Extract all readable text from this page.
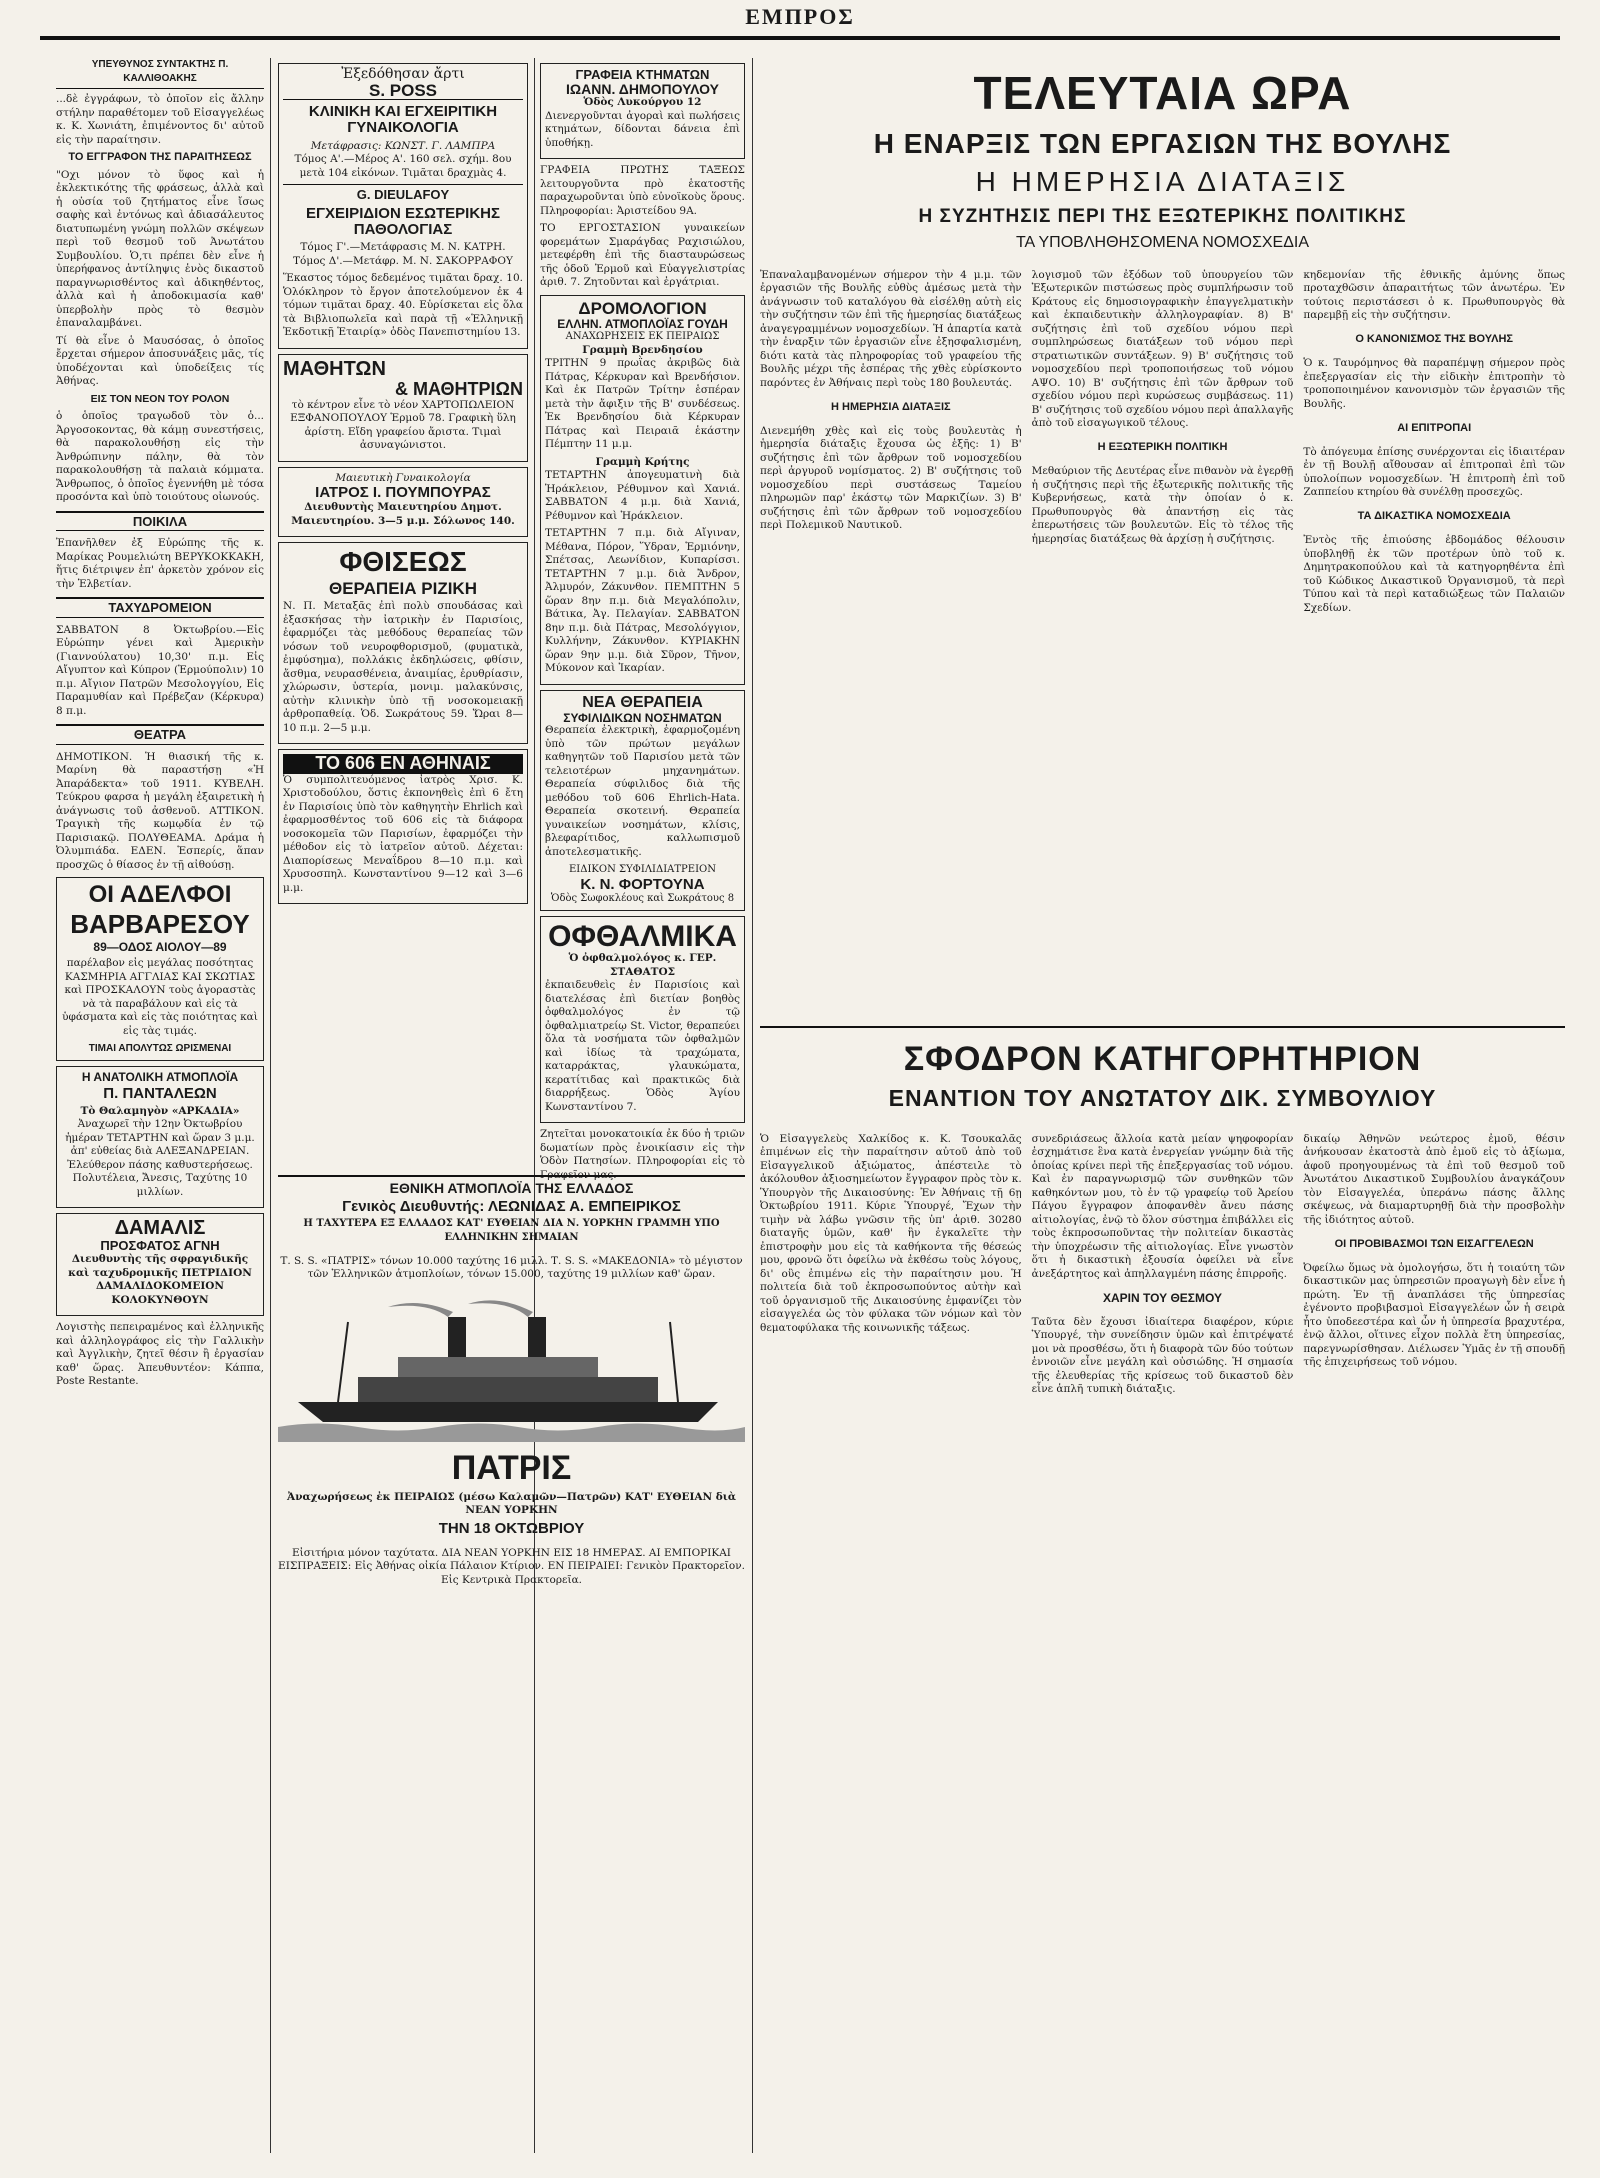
ΕΜΠΡΟΣ
ΥΠΕΥΘΥΝΟΣ ΣΥΝΤΑΚΤΗΣ Π. ΚΑΛΛΙΘΟΑΚΗΣ

...δὲ ἐγγράφων, τὸ ὁποῖον εἰς ἄλλην στήλην παραθέτομεν τοῦ Εἰσαγγελέως κ. Κ. Χωνιάτη, ἐπιμένοντος δι' αὐτοῦ εἰς τὴν παραίτησιν.

ΤΟ ΕΓΓΡΑΦΟΝ ΤΗΣ ΠΑΡΑΙΤΗΣΕΩΣ

"Οχι μόνον τὸ ὕφος καὶ ἡ ἐκλεκτικότης τῆς φράσεως, ἀλλὰ καὶ ἡ οὐσία τοῦ ζητήματος εἶνε ἴσως σαφὴς καὶ ἐντόνως καὶ ἀδιασάλευτος διατυπωμένη γνώμη πολλῶν σκέψεων περὶ τοῦ θεσμοῦ τοῦ Ἀνωτάτου Συμβουλίου. Ὁ,τι πρέπει δὲν εἶνε ἡ ὑπερήφανος ἀντίληψις ἑνὸς δικαστοῦ παραγνωρισθέντος καὶ ἀδικηθέντος, ἀλλὰ καὶ ἡ ἀποδοκιμασία καθ' ὑπερβολὴν πρὸς τὸ θεσμὸν ἐπαναλαμβάνει.

Τί θὰ εἶνε ὁ Μαυσόσας, ὁ ὁποῖος ἔρχεται σήμερον ἀποσυνάξεις μᾶς, τίς ὑποδέχονται καὶ ὑποδείξεις τίς Ἀθήνας.

ΕΙΣ ΤΟΝ ΝΕΟΝ ΤΟΥ ΡΟΛΟΝ

ὁ ὁποῖος τραγωδοῦ τὸν ὁ... Ἀργοσοκοντας, θὰ κάμῃ συνεστήσεις, θὰ παρακολουθήσῃ εἰς τὴν Ἀνθρώπινην πάλην, θὰ τὸν παρακολουθήσῃ τὰ παλαιὰ κόμματα. Ἄνθρωπος, ὁ ὁποῖος ἐγεννήθη μὲ τόσα προσόντα καὶ ὑπὸ τοιούτους οἰωνούς.

ΠΟΙΚΙΛΑ

Ἐπανῆλθεν ἐξ Εὐρώπης τῆς κ. Μαρίκας Ρουμελιώτη ΒΕΡΥΚΟΚΚΑΚΗ, ἥτις διέτριψεν ἐπ' ἀρκετὸν χρόνον εἰς τὴν Ἑλβετίαν.

ΤΑΧΥΔΡΟΜΕΙΟΝ

ΣΑΒΒΑΤΟΝ 8 Ὀκτωβρίου.—Εἰς Εὐρώπην γένει καὶ Ἀμερικὴν (Γιαννούλατου) 10,30' π.μ. Εἰς Αἴγυπτον καὶ Κύπρον (Ἑρμούπολιν) 10 π.μ. Αἴγιον Πατρῶν Μεσολογγίου, Εἰς Παραμυθίαν καὶ Πρέβεζαν (Κέρκυρα) 8 π.μ.

ΘΕΑΤΡΑ

ΔΗΜΟΤΙΚΟΝ. Ἡ θιασική τῆς κ. Μαρίνη θὰ παραστήσῃ «Ἡ Ἀπαράδεκτα» τοῦ 1911. ΚΥΒΕΛΗ. Τεύκρου φαρσα ἡ μεγάλη ἐξαιρετικὴ ἡ ἀνάγνωσις τοῦ ἀσθενοῦ. ΑΤΤΙΚΟΝ. Τραγικὴ τῆς κωμῳδία ἐν τῷ Παρισιακῷ. ΠΟΛΥΘΕΑΜΑ. Δράμα ἡ Ὀλυμπιάδα. ΕΔΕΝ. Ἑσπερίς, ἅπαν προσχῶς ὁ θίασος ἐν τῇ αἰθούσῃ.

ΟΙ ΑΔΕΛΦΟΙ
ΒΑΡΒΑΡΕΣΟΥ
89—ΟΔΟΣ ΑΙΟΛΟΥ—89

παρέλαβον εἰς μεγάλας ποσότητας ΚΑΣΜΗΡΙΑ ΑΓΓΛΙΑΣ ΚΑΙ ΣΚΩΤΙΑΣ καὶ ΠΡΟΣΚΑΛΟΥΝ τοὺς ἀγοραστὰς νὰ τὰ παραβάλουν καὶ εἰς τὰ ὑφάσματα καὶ εἰς τὰς ποιότητας καὶ εἰς τὰς τιμάς.

ΤΙΜΑΙ ΑΠΟΛΥΤΩΣ ΩΡΙΣΜΕΝΑΙ
Η ΑΝΑΤΟΛΙΚΗ ΑΤΜΟΠΛΟΪΑ
Π. ΠΑΝΤΑΛΕΩΝ
Τὸ Θαλαμηγὸν «ΑΡΚΑΔΙΑ»

Ἀναχωρεῖ τὴν 12ην Ὀκτωβρίου ἡμέραν ΤΕΤΑΡΤΗΝ καὶ ὥραν 3 μ.μ. ἀπ' εὐθείας διὰ ΑΛΕΞΑΝΔΡΕΙΑΝ. Ἐλεύθερον πάσης καθυστερήσεως. Πολυτέλεια, Ἄνεσις, Ταχύτης 10 μιλλίων.

ΔΑΜΑΛΙΣ
ΠΡΟΣΦΑΤΟΣ ΑΓΝΗ

Διευθυντὴς τῆς σφραγιδικῆς καὶ ταχυδρομικῆς ΠΕΤΡΙΔΙΟΝ ΔΑΜΑΛΙΔΟΚΟΜΕΙΟΝ ΚΟΛΟΚΥΝΘΟΥΝ

Λογιστὴς πεπειραμένος καὶ ἐλληνικῆς καὶ ἀλληλογράφος εἰς τὴν Γαλλικὴν καὶ Ἀγγλικὴν, ζητεῖ θέσιν ἢ ἐργασίαν καθ' ὥρας. Ἀπευθυντέον: Κάππα, Poste Restante.

Ἐξεδόθησαν ἄρτι
S. POSS
ΚΛΙΝΙΚΗ ΚΑΙ ΕΓΧΕΙΡΙΤΙΚΗ ΓΥΝΑΙΚΟΛΟΓΙΑ
Μετάφρασις: ΚΩΝΣΤ. Γ. ΛΑΜΠΡΑ

Τόμος Α'.—Μέρος Α'. 160 σελ. σχήμ. 8ου μετὰ 104 εἰκόνων. Τιμᾶται δραχμὰς 4.

G. DIEULAFOY
ΕΓΧΕΙΡΙΔΙΟΝ ΕΣΩΤΕΡΙΚΗΣ ΠΑΘΟΛΟΓΙΑΣ

Τόμος Γ'.—Μετάφρασις Μ. Ν. ΚΑΤΡΗ. Τόμος Δ'.—Μετάφρ. Μ. Ν. ΣΑΚΟΡΡΑΦΟΥ

Ἕκαστος τόμος δεδεμένος τιμᾶται δραχ. 10. Ὁλόκληρον τὸ ἔργον ἀποτελούμενον ἐκ 4 τόμων τιμᾶται δραχ. 40. Εὑρίσκεται εἰς ὅλα τὰ Βιβλιοπωλεῖα καὶ παρὰ τῇ «Ἑλληνικῇ Ἐκδοτικῇ Ἑταιρίᾳ» ὁδὸς Πανεπιστημίου 13.

ΜΑΘΗΤΩΝ
& ΜΑΘΗΤΡΙΩΝ

τὸ κέντρον εἶνε τὸ νέον ΧΑΡΤΟΠΩΛΕΙΟΝ ΕΞΦΑΝΟΠΟΥΛΟΥ Ἑρμοῦ 78. Γραφικὴ ὕλη ἀρίστη. Εἴδη γραφείου ἄριστα. Τιμαὶ ἀσυναγώνιστοι.

Μαιευτικὴ Γυναικολογία
ΙΑΤΡΟΣ Ι. ΠΟΥΜΠΟΥΡΑΣ

Διευθυντὴς Μαιευτηρίου Δημοτ. Μαιευτηρίου. 3—5 μ.μ. Σόλωνος 140.

ΦΘΙΣΕΩΣ
ΘΕΡΑΠΕΙΑ ΡΙΖΙΚΗ

Ν. Π. Μεταξᾶς ἐπὶ πολὺ σπουδάσας καὶ ἐξασκήσας τὴν ἰατρικὴν ἐν Παρισίοις, ἐφαρμόζει τὰς μεθόδους θεραπείας τῶν νόσων τοῦ νευροφθορισμοῦ, (φυματικὰ, ἐμφύσημα), πολλάκις ἐκδηλώσεις, φθίσιν, ἄσθμα, νευρασθένεια, ἀναιμίας, ἐρυθρίασιν, χλώρωσιν, ὑστερία, μονιμ. μαλακύνσις, αὐτὴν κλινικὴν ὑπὸ τῇ νοσοκομειακῇ ἀρθροπαθείᾳ. Ὁδ. Σωκράτους 59. Ὥραι 8—10 π.μ. 2—5 μ.μ.

ΤΟ 606 ΕΝ ΑΘΗΝΑΙΣ

Ὁ συμπολιτευόμενος ἰατρὸς Χρισ. Κ. Χριστοδούλου, ὅστις ἐκπονηθεὶς ἐπὶ 6 ἔτη ἐν Παρισίοις ὑπὸ τὸν καθηγητὴν Ehrlich καὶ ἐφαρμοσθέντος τοῦ 606 εἰς τὰ διάφορα νοσοκομεῖα τῶν Παρισίων, ἐφαρμόζει τὴν μέθοδον εἰς τὸ ἰατρεῖον αὐτοῦ. Δέχεται: Διαπορίσεως Μεναΐδρου 8—10 π.μ. καὶ Χρυσοσπηλ. Κωνσταντίνου 9—12 καὶ 3—6 μ.μ.

ΓΡΑΦΕΙΑ ΚΤΗΜΑΤΩΝ
ΙΩΑΝΝ. ΔΗΜΟΠΟΥΛΟΥ
Ὁδὸς Λυκούργου 12

Διενεργοῦνται ἀγοραὶ καὶ πωλήσεις κτημάτων, δίδονται δάνεια ἐπὶ ὑποθήκῃ.

ΓΡΑΦΕΙΑ ΠΡΩΤΗΣ ΤΑΞΕΩΣ λειτουργοῦντα πρὸ ἑκατοστῆς παραχωροῦνται ὑπὸ εὐνοϊκοὺς ὅρους. Πληροφορίαι: Ἀριστείδου 9Α.

ΤΟ ΕΡΓΟΣΤΑΣΙΟΝ γυναικείων φορεμάτων Σμαράγδας Ραχισιώλου, μετεφέρθη ἐπὶ τῆς διασταυρώσεως τῆς ὁδοῦ Ἑρμοῦ καὶ Εὐαγγελιστρίας ἀριθ. 7. Ζητοῦνται καὶ ἐργάτριαι.

ΔΡΟΜΟΛΟΓΙΟΝ
ΕΛΛΗΝ. ΑΤΜΟΠΛΟΪΑΣ ΓΟΥΔΗ
ΑΝΑΧΩΡΗΣΕΙΣ ΕΚ ΠΕΙΡΑΙΩΣ
Γραμμὴ Βρενδησίου

ΤΡΙΤΗΝ 9 πρωῒας ἀκριβῶς διὰ Πάτρας, Κέρκυραν καὶ Βρενδήσιον. Καὶ ἐκ Πατρῶν Τρίτην ἑσπέραν μετὰ τὴν ἄφιξιν τῆς Β' συνδέσεως. Ἐκ Βρενδησίου διὰ Κέρκυραν Πάτρας καὶ Πειραιᾶ ἑκάστην Πέμπτην 11 μ.μ.

Γραμμὴ Κρήτης

ΤΕΤΑΡΤΗΝ ἀπογευματινὴ διὰ Ἡράκλειον, Ρέθυμνον καὶ Χανιά. ΣΑΒΒΑΤΟΝ 4 μ.μ. διὰ Χανιά, Ρέθυμνον καὶ Ἡράκλειον.

ΤΕΤΑΡΤΗΝ 7 π.μ. διὰ Αἴγιναν, Μέθανα, Πόρον, Ὕδραν, Ἑρμιόνην, Σπέτσας, Λεωνίδιον, Κυπαρίσσι. ΤΕΤΑΡΤΗΝ 7 μ.μ. διὰ Ἄνδρον, Ἀλμυρόν, Ζάκυνθον. ΠΕΜΠΤΗΝ 5 ὥραν 8ην π.μ. διὰ Μεγαλόπολιν, Βάτικα, Ἀγ. Πελαγίαν. ΣΑΒΒΑΤΟΝ 8ην π.μ. διὰ Πάτρας, Μεσολόγγιον, Κυλλήνην, Ζάκυνθον. ΚΥΡΙΑΚΗΝ ὥραν 9ην μ.μ. διὰ Σῦρον, Τῆνον, Μύκονον καὶ Ἰκαρίαν.

ΝΕΑ ΘΕΡΑΠΕΙΑ
ΣΥΦΙΛΙΔΙΚΩΝ ΝΟΣΗΜΑΤΩΝ

Θεραπεία ἐλεκτρικὴ, ἐφαρμοζομένη ὑπὸ τῶν πρώτων μεγάλων καθηγητῶν τοῦ Παρισίου μετὰ τῶν τελειοτέρων μηχανημάτων. Θεραπεία σύφιλιδος διὰ τῆς μεθόδου τοῦ 606 Ehrlich-Hata. Θεραπεία σκοτεινή. Θεραπεία γυναικείων νοσημάτων, κλίσις, βλεφαρίτιδος, καλλωπισμοῦ ἀποτελεσματικῆς.

ΕΙΔΙΚΟΝ ΣΥΦΙΛΙΔΙΑΤΡΕΙΟΝ
Κ. Ν. ΦΟΡΤΟΥΝΑ
Ὁδὸς Σωφοκλέους καὶ Σωκράτους 8
ΟΦΘΑΛΜΙΚΑ
Ὁ ὀφθαλμολόγος κ. ΓΕΡ. ΣΤΑΘΑΤΟΣ

ἐκπαιδευθεὶς ἐν Παρισίοις καὶ διατελέσας ἐπὶ διετίαν βοηθὸς ὀφθαλμολόγος ἐν τῷ ὀφθαλμιατρείῳ St. Victor, θεραπεύει ὅλα τὰ νοσήματα τῶν ὀφθαλμῶν καὶ ἰδίως τὰ τραχώματα, καταρράκτας, γλαυκώματα, κερατίτιδας καὶ πρακτικῶς διὰ διαρρήξεως. Ὁδὸς Ἁγίου Κωνσταντίνου 7.

Ζητεῖται μονοκατοικία ἐκ δύο ἡ τριῶν δωματίων πρὸς ἐνοικίασιν εἰς τὴν Ὁδὸν Πατησίων. Πληροφορίαι εἰς τὸ Γραφεῖον μας.

ΕΘΝΙΚΗ ΑΤΜΟΠΛΟΪΑ ΤΗΣ ΕΛΛΑΔΟΣ
Γενικὸς Διευθυντής: ΛΕΩΝΙΔΑΣ Α. ΕΜΠΕΙΡΙΚΟΣ
Η ΤΑΧΥΤΕΡΑ ΕΞ ΕΛΛΑΔΟΣ ΚΑΤ' ΕΥΘΕΙΑΝ ΔΙΑ Ν. ΥΟΡΚΗΝ ΓΡΑΜΜΗ ΥΠΟ ΕΛΛΗΝΙΚΗΝ ΣΗΜΑΙΑΝ

Τ. S. S. «ΠΑΤΡΙΣ» τόνων 10.000 ταχύτης 16 μιλλ. Τ. S. S. «ΜΑΚΕΔΟΝΙΑ» τὸ μέγιστον τῶν Ἑλληνικῶν ἀτμοπλοίων, τόνων 15.000, ταχύτης 19 μιλλίων καθ' ὥραν.

ΠΑΤΡΙΣ
Ἀναχωρήσεως ἐκ ΠΕΙΡΑΙΩΣ (μέσω Καλαμῶν—Πατρῶν) ΚΑΤ' ΕΥΘΕΙΑΝ διὰ ΝΕΑΝ ΥΟΡΚΗΝ
ΤΗΝ 18 ΟΚΤΩΒΡΙΟΥ

Εἰσιτήρια μόνον ταχύτατα. ΔΙΑ ΝΕΑΝ ΥΟΡΚΗΝ ΕΙΣ 18 ΗΜΕΡΑΣ. ΑΙ ΕΜΠΟΡΙΚΑΙ ΕΙΣΠΡΑΞΕΙΣ: Εἰς Ἀθήνας οἰκία Πάλαιον Κτίριον. ΕΝ ΠΕΙΡΑΙΕΙ: Γενικὸν Πρακτορεῖον. Εἰς Κεντρικὰ Πρακτορεῖα.

ΤΕΛΕΥΤΑΙΑ ΩΡΑ
Η ΕΝΑΡΞΙΣ ΤΩΝ ΕΡΓΑΣΙΩΝ ΤΗΣ ΒΟΥΛΗΣ
Η ΗΜΕΡΗΣΙΑ ΔΙΑΤΑΞΙΣ
Η ΣΥΖΗΤΗΣΙΣ ΠΕΡΙ ΤΗΣ ΕΞΩΤΕΡΙΚΗΣ ΠΟΛΙΤΙΚΗΣ
ΤΑ ΥΠΟΒΛΗΘΗΣΟΜΕΝΑ ΝΟΜΟΣΧΕΔΙΑ

Ἐπαναλαμβανομένων σήμερον τὴν 4 μ.μ. τῶν ἐργασιῶν τῆς Βουλῆς εὐθὺς ἀμέσως μετὰ τὴν ἀνάγνωσιν τοῦ καταλόγου θὰ εἰσέλθῃ αὐτὴ εἰς τὴν συζήτησιν τῶν ἐπὶ τῆς ἡμερησίας διατάξεως ἀναγεγραμμένων νομοσχεδίων. Ἡ ἀπαρτία κατὰ τὴν ἐναρξιν τῶν ἐργασιῶν εἶνε ἐξησφαλισμένη, διότι κατὰ τὰς πληροφορίας τοῦ γραφείου τῆς Βουλῆς μέχρι τῆς ἑσπέρας τῆς χθὲς εὑρίσκοντο παρόντες ἐν Ἀθήναις περὶ τοὺς 180 βουλευτάς.

Η ΗΜΕΡΗΣΙΑ ΔΙΑΤΑΞΙΣ

Διενεμήθη χθὲς καὶ εἰς τοὺς βουλευτὰς ἡ ἡμερησία διάταξις ἔχουσα ὡς ἑξῆς: 1) Β' συζήτησις ἐπὶ τῶν ἄρθρων τοῦ νομοσχεδίου περὶ ἀργυροῦ νομίσματος. 2) Β' συζήτησις τοῦ νομοσχεδίου περὶ συστάσεως Ταμείου πληρωμῶν παρ' ἑκάστῳ τῶν Μαρκιζίων. 3) Β' συζήτησις ἐπὶ τῶν ἄρθρων τοῦ νομοσχεδίου περὶ Πολεμικοῦ Ναυτικοῦ.

λογισμοῦ τῶν ἐξόδων τοῦ ὑπουργείου τῶν Ἐξωτερικῶν πιστώσεως πρὸς συμπλήρωσιν τοῦ Κράτους εἰς δημοσιογραφικὴν ἐπαγγελματικὴν καὶ ἐκπαιδευτικὴν ἀλληλογραφίαν. 8) Β' συζήτησις ἐπὶ τοῦ σχεδίου νόμου περὶ συμπληρώσεως διατάξεων τοῦ νόμου περὶ στρατιωτικῶν συντάξεων. 9) Β' συζήτησις τοῦ νομοσχεδίου περὶ τροποποιήσεως τοῦ νόμου ΑΨΟ. 10) Β' συζήτησις ἐπὶ τῶν ἄρθρων τοῦ σχεδίου νόμου περὶ κυρώσεως συμβάσεως. 11) Β' συζήτησις τοῦ σχεδίου νόμου περὶ ἀπαλλαγῆς ἀπὸ τοῦ εἰσαγωγικοῦ τέλους.

Η ΕΞΩΤΕΡΙΚΗ ΠΟΛΙΤΙΚΗ

Μεθαύριον τῆς Δευτέρας εἶνε πιθανὸν νὰ ἐγερθῇ ἡ συζήτησις περὶ τῆς ἐξωτερικῆς πολιτικῆς τῆς Κυβερνήσεως, κατὰ τὴν ὁποίαν ὁ κ. Πρωθυπουργὸς θὰ ἀπαντήσῃ εἰς τὰς ἐπερωτήσεις τῶν βουλευτῶν. Εἰς τὸ τέλος τῆς ἡμερησίας διατάξεως θὰ ἀρχίσῃ ἡ συζήτησις.

κηδεμονίαν τῆς ἐθνικῆς ἀμύνης ὅπως προταχθῶσιν ἀπαραιτήτως τῶν ἀνωτέρω. Ἐν τούτοις περιστάσεσι ὁ κ. Πρωθυπουργὸς θὰ παρεμβῇ εἰς τὴν συζήτησιν.

Ο ΚΑΝΟΝΙΣΜΟΣ ΤΗΣ ΒΟΥΛΗΣ

Ὁ κ. Ταυρόμηνος θὰ παραπέμψῃ σήμερον πρὸς ἐπεξεργασίαν εἰς τὴν εἰδικὴν ἐπιτροπὴν τὸ τροποποιημένον κανονισμὸν τῶν ἐργασιῶν τῆς Βουλῆς.

ΑΙ ΕΠΙΤΡΟΠΑΙ

Τὸ ἀπόγευμα ἐπίσης συνέρχονται εἰς ἰδιαιτέραν ἐν τῇ Βουλῇ αἴθουσαν αἱ ἐπιτροπαὶ ἐπὶ τῶν ὑπολοίπων νομοσχεδίων. Ἡ ἐπιτροπὴ ἐπὶ τοῦ Ζαππείου κτηρίου θὰ συνέλθῃ προσεχῶς.

ΤΑ ΔΙΚΑΣΤΙΚΑ ΝΟΜΟΣΧΕΔΙΑ

Ἐντὸς τῆς ἐπιούσης ἑβδομάδος θέλουσιν ὑποβληθῇ ἐκ τῶν προτέρων ὑπὸ τοῦ κ. Δημητρακοπούλου καὶ τὰ κατηγορηθέντα ἐπὶ τοῦ Κώδικος Δικαστικοῦ Ὀργανισμοῦ, τὰ περὶ Τύπου καὶ τὰ περὶ καταδιώξεως τῶν Παλαιῶν Σχεδίων.

ΣΦΟΔΡΟΝ ΚΑΤΗΓΟΡΗΤΗΡΙΟΝ
ΕΝΑΝΤΙΟΝ ΤΟΥ ΑΝΩΤΑΤΟΥ ΔΙΚ. ΣΥΜΒΟΥΛΙΟΥ

Ὁ Εἰσαγγελεὺς Χαλκίδος κ. Κ. Τσουκαλᾶς ἐπιμένων εἰς τὴν παραίτησιν αὐτοῦ ἀπὸ τοῦ Εἰσαγγελικοῦ ἀξιώματος, ἀπέστειλε τὸ ἀκόλουθον ἀξιοσημείωτον ἔγγραφον πρὸς τὸν κ. Ὑπουργὸν τῆς Δικαιοσύνης: Ἐν Ἀθήναις τῇ 6ῃ Ὀκτωβρίου 1911. Κύριε Ὑπουργέ, Ἔχων τὴν τιμὴν νὰ λάβω γνῶσιν τῆς ὑπ' ἀριθ. 30280 διαταγῆς ὑμῶν, καθ' ἣν ἐγκαλεῖτε τὴν ἐπιστροφὴν μου εἰς τὰ καθήκοντα τῆς θέσεώς μου, φρονῶ ὅτι ὀφείλω νὰ ἐκθέσω τοὺς λόγους, δι' οὓς ἐπιμένω εἰς τὴν παραίτησιν μου. Ἡ πολιτεία διὰ τοῦ ἐκπροσωπούντος αὐτὴν καὶ τοῦ ὀργανισμοῦ τῆς Δικαιοσύνης ἐμφανίζει τὸν εἰσαγγελέα ὡς τὸν φύλακα τῶν νόμων καὶ τὸν θεματοφύλακα τῆς κοινωνικῆς τάξεως.

συνεδριάσεως ἄλλοία κατὰ μείαν ψηφοφορίαν ἐσχημάτισε ἓνα κατὰ ἐνεργείαν γνώμην διὰ τῆς ὁποίας κρίνει περὶ τῆς ἐπεξεργασίας τοῦ νόμου. Καὶ ἐν παραγνωρισμῷ τῶν συνθηκῶν τῶν καθηκόντων μου, τὸ ἐν τῷ γραφείῳ τοῦ Ἀρείου Πάγου ἔγγραφον ἀποφανθὲν ἄνευ πάσης αἰτιολογίας, ἐνῷ τὸ ὅλον σύστημα ἐπιβάλλει εἰς τοὺς ἐκπροσωποῦντας τὴν πολιτείαν δικαστὰς τὴν ὑποχρέωσιν τῆς αἰτιολογίας. Εἶνε γνωστὸν ὅτι ἡ δικαστικὴ ἐξουσία ὀφείλει νὰ εἶνε ἀνεξάρτητος καὶ ἀπηλλαγμένη πάσης ἐπιρροῆς.

ΧΑΡΙΝ ΤΟΥ ΘΕΣΜΟΥ

Ταῦτα δὲν ἔχουσι ἰδιαίτερα διαφέρον, κύριε Ὑπουργέ, τὴν συνείδησιν ὑμῶν καὶ ἐπιτρέψατέ μοι νὰ προσθέσω, ὅτι ἡ διαφορὰ τῶν δύο τούτων ἐννοιῶν εἶνε μεγάλη καὶ οὐσιώδης. Ἡ σημασία τῆς ἐλευθερίας τῆς κρίσεως τοῦ δικαστοῦ δὲν εἶνε ἁπλῆ τυπικὴ διάταξις.

δικαίῳ Ἀθηνῶν νεώτερος ἐμοῦ, θέσιν ἀνήκουσαν ἑκατοστὰ ἀπὸ ἐμοῦ εἰς τὸ ἀξίωμα, ἀφοῦ προηγουμένως τὰ ἐπὶ τοῦ θεσμοῦ τοῦ Ἀνωτάτου Δικαστικοῦ Συμβουλίου ἀναγκάζουν τὸν Εἰσαγγελέα, ὑπεράνω πάσης ἄλλης σκέψεως, νὰ διαμαρτυρηθῇ διὰ τὴν προσβολὴν τῆς ἰδιότητος αὐτοῦ.

ΟΙ ΠΡΟΒΙΒΑΣΜΟΙ ΤΩΝ ΕΙΣΑΓΓΕΛΕΩΝ

Ὀφείλω ὅμως νὰ ὁμολογήσω, ὅτι ἡ τοιαύτη τῶν δικαστικῶν μας ὑπηρεσιῶν προαγωγὴ δὲν εἶνε ἡ πρώτη. Ἐν τῇ ἀναπλάσει τῆς ὑπηρεσίας ἐγένοντο προβιβασμοὶ Εἰσαγγελέων ὧν ἡ σειρὰ ἦτο ὑποδεεστέρα καὶ ὧν ἡ ὑπηρεσία βραχυτέρα, ἐνῷ ἄλλοι, οἵτινες εἶχον πολλὰ ἔτη ὑπηρεσίας, παρεγνωρίσθησαν. Διέλωσεν Ὑμᾶς ἐν τῇ σπουδῇ τῆς ἐπιχειρήσεως τοῦ νόμου.
